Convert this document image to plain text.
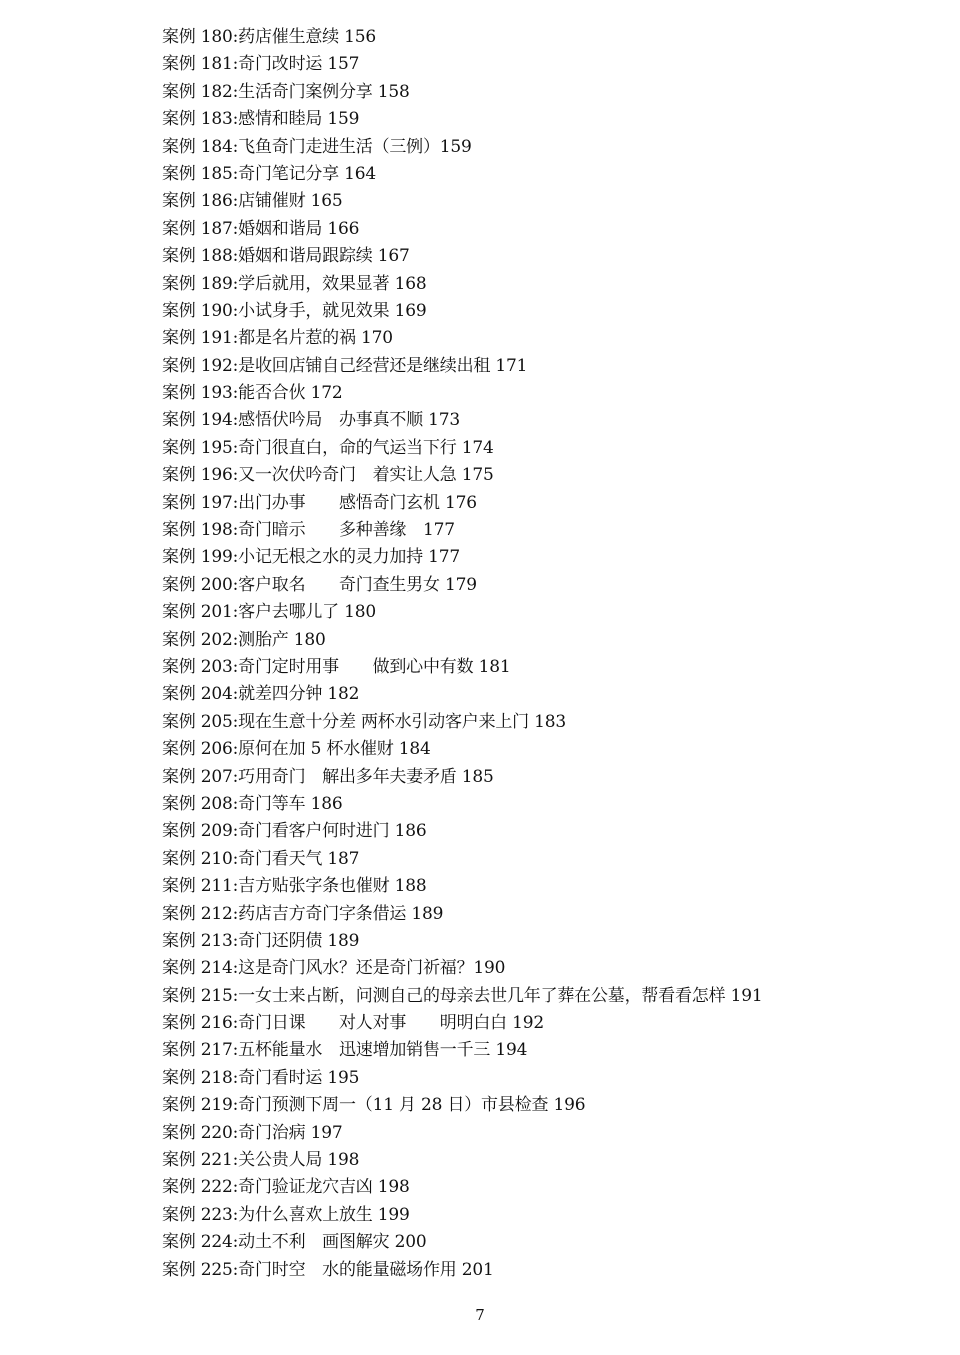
案例 180:药店催生意续 156
案例 181:奇门改时运 157
案例 182:生活奇门案例分享 158
案例 183:感情和睦局 159
案例 184:飞鱼奇门走进生活（三例）159
案例 185:奇门笔记分享 164
案例 186:店铺催财 165
案例 187:婚姻和谐局 166
案例 188:婚姻和谐局跟踪续 167
案例 189:学后就用，效果显著 168
案例 190:小试身手，就见效果 169
案例 191:都是名片惹的祸 170
案例 192:是收回店铺自己经营还是继续出租 171
案例 193:能否合伙 172
案例 194:感悟伏吟局　办事真不顺 173
案例 195:奇门很直白，命的气运当下行 174
案例 196:又一次伏吟奇门　着实让人急 175
案例 197:出门办事　　感悟奇门玄机 176
案例 198:奇门暗示　　多种善缘　177
案例 199:小记无根之水的灵力加持 177
案例 200:客户取名　　奇门查生男女 179
案例 201:客户去哪儿了 180
案例 202:测胎产 180
案例 203:奇门定时用事　　做到心中有数 181
案例 204:就差四分钟 182
案例 205:现在生意十分差 两杯水引动客户来上门 183
案例 206:原何在加 5 杯水催财 184
案例 207:巧用奇门　解出多年夫妻矛盾 185
案例 208:奇门等车 186
案例 209:奇门看客户何时进门 186
案例 210:奇门看天气 187
案例 211:吉方贴张字条也催财 188
案例 212:药店吉方奇门字条借运 189
案例 213:奇门还阴债 189
案例 214:这是奇门风水？还是奇门祈福？190
案例 215:一女士来占断，问测自己的母亲去世几年了葬在公墓，帮看看怎样 191
案例 216:奇门日课　　对人对事　　明明白白 192
案例 217:五杯能量水　迅速增加销售一千三 194
案例 218:奇门看时运 195
案例 219:奇门预测下周一（11 月 28 日）市县检查 196
案例 220:奇门治病 197
案例 221:关公贵人局 198
案例 222:奇门验证龙穴吉凶 198
案例 223:为什么喜欢上放生 199
案例 224:动土不利　画图解灾 200
案例 225:奇门时空　水的能量磁场作用 201
7
